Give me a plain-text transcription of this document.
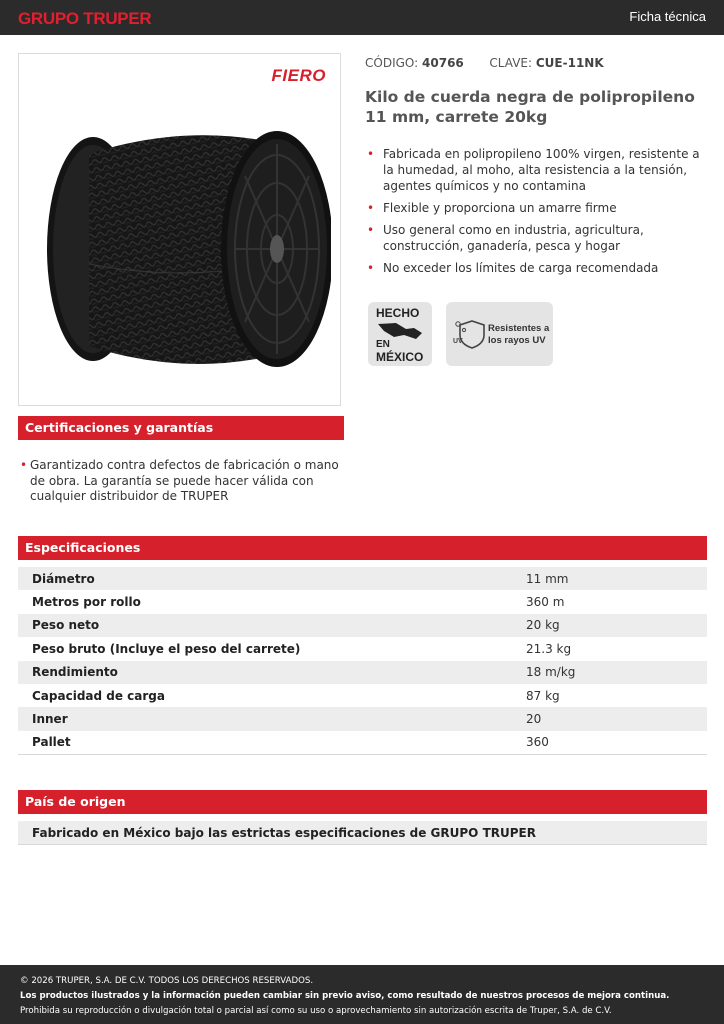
GRUPO TRUPER	Ficha técnica
FIERO
CÓDIGO: 40766 CLAVE: CUE-11NK
Kilo de cuerda negra de polipropileno 11 mm, carrete 20kg
• Fabricada en polipropileno 100% virgen, resistente a la humedad, al moho, alta resistencia a la tensión, agentes químicos y no contamina
• Flexible y proporciona un amarre firme
• Uso general como en industria, agricultura, construcción, ganadería, pesca y hogar
• No exceder los límites de carga recomendada
HECHO
EN
MÉXICO
UV
Resistentes a
los rayos UV
Certificaciones y garantías
• Garantizado contra defectos de fabricación o mano de obra. La garantía se puede hacer válida con cualquier distribuidor de TRUPER
Especificaciones
Diámetro	11 mm
Metros por rollo	360 m
Peso neto	20 kg
Peso bruto (Incluye el peso del carrete)	21.3 kg
Rendimiento	18 m/kg
Capacidad de carga	87 kg
Inner	20
Pallet	360
País de origen
Fabricado en México bajo las estrictas especificaciones de GRUPO TRUPER
© 2026 TRUPER, S.A. DE C.V. TODOS LOS DERECHOS RESERVADOS.
Los productos ilustrados y la información pueden cambiar sin previo aviso, como resultado de nuestros procesos de mejora continua.
Prohibida su reproducción o divulgación total o parcial así como su uso o aprovechamiento sin autorización escrita de Truper, S.A. de C.V.
